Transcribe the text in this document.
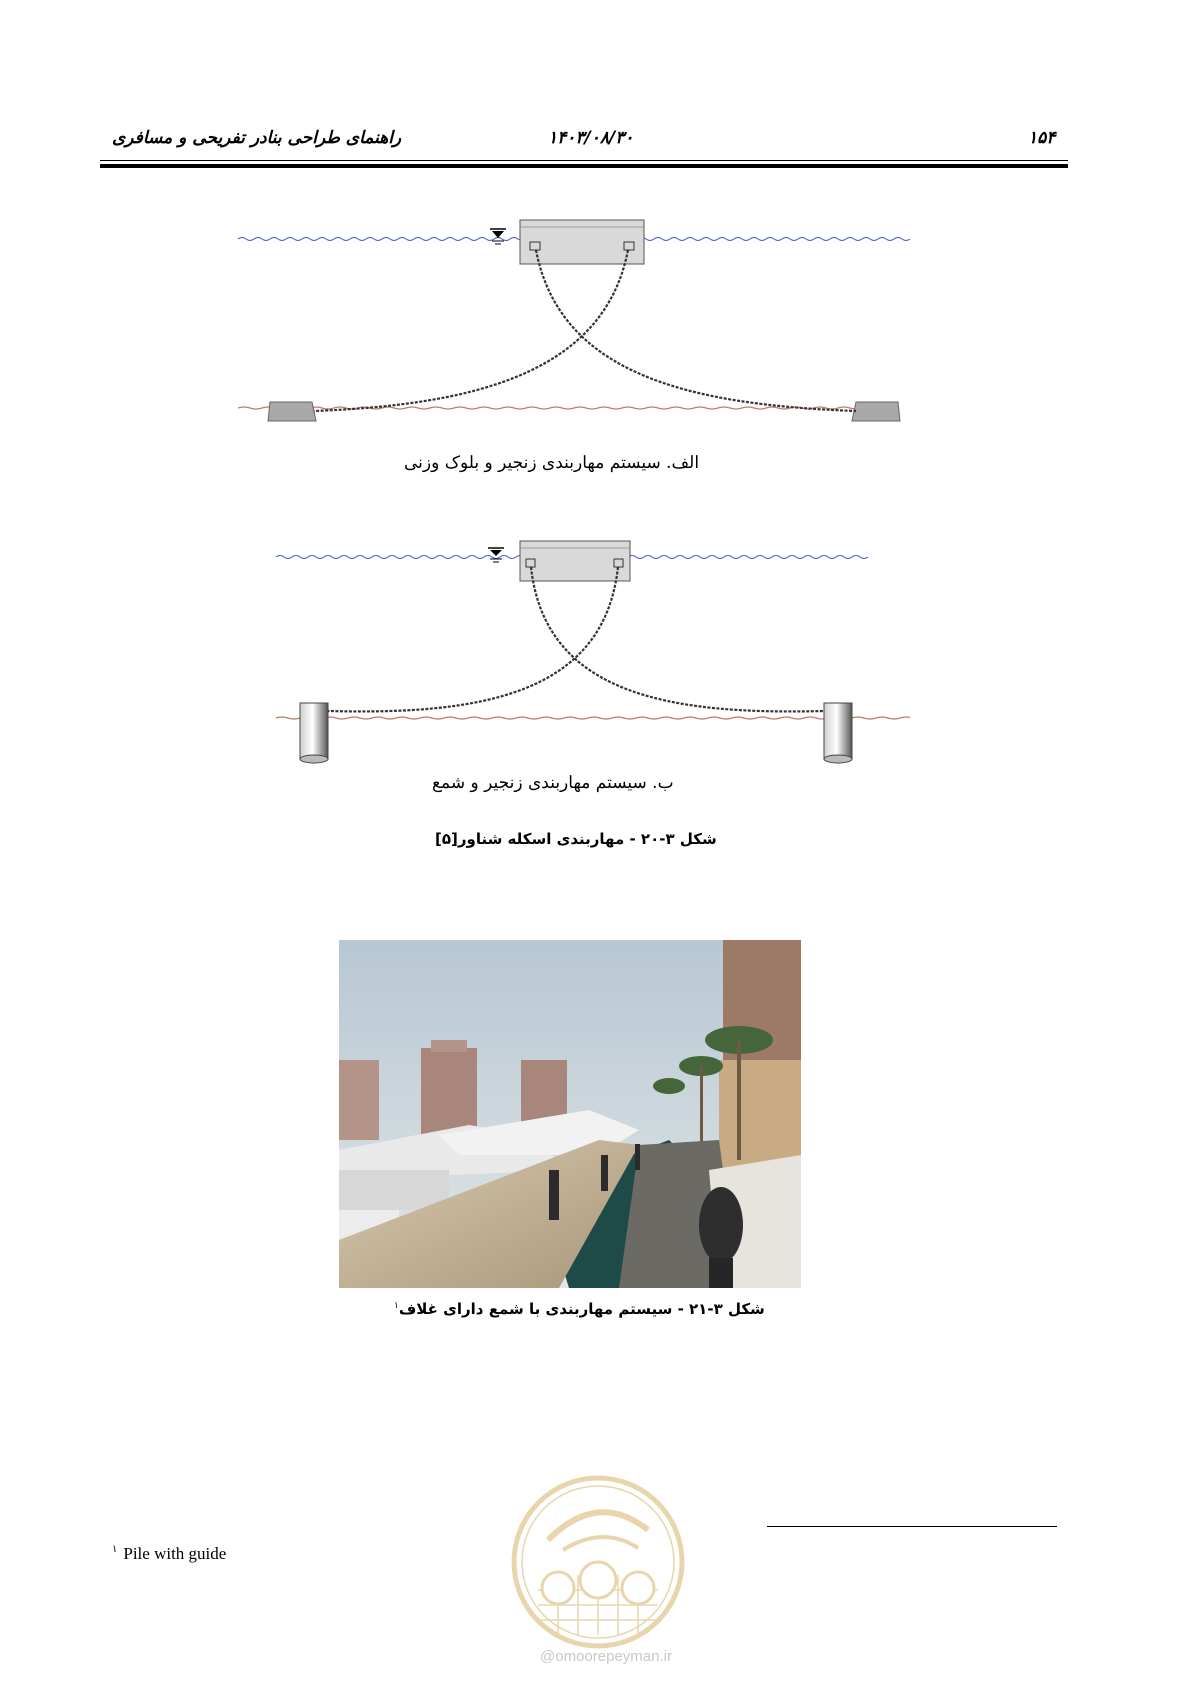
۱۵۴
۱۴۰۳/۰۸/۳۰
راهنمای طراحی بنادر تفریحی و مسافری
الف. سیستم مهاربندی زنجیر و بلوک وزنی
ب. سیستم مهاربندی زنجیر و شمع
شکل ۳-۲۰ - مهاربندی اسکله شناور[۵]
شکل ۳-۲۱ - سیستم مهاربندی با شمع دارای غلاف$^۱$
$^۱$ Pile with guide
@omoorepeyman.ir
